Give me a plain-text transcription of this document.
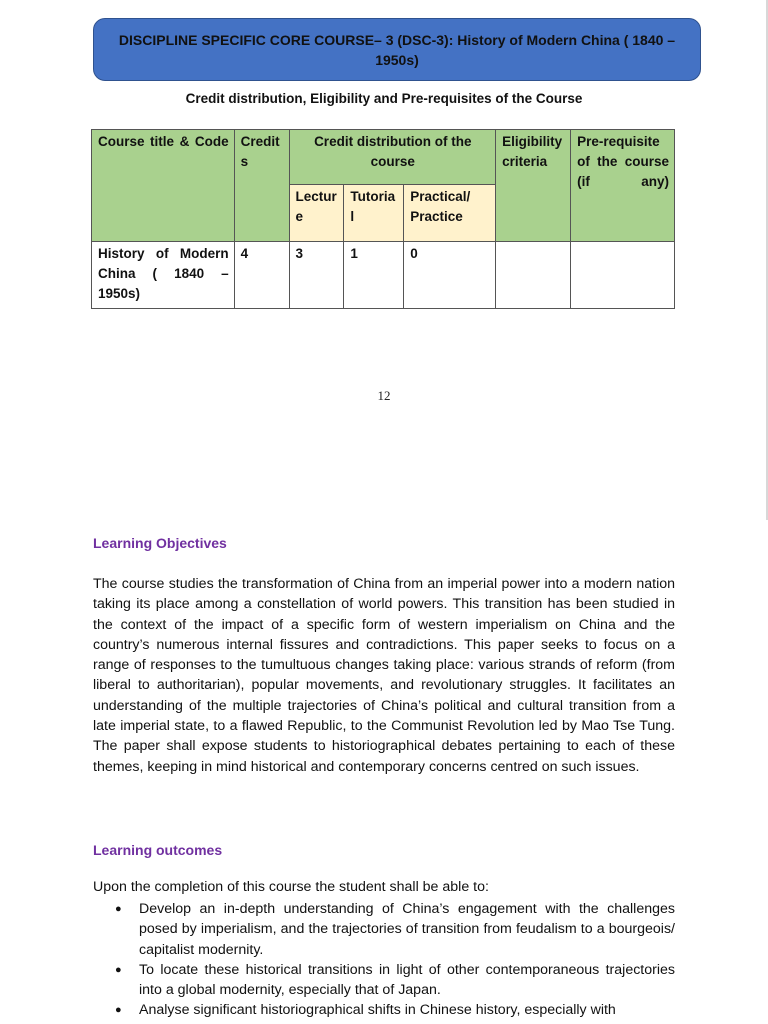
DISCIPLINE SPECIFIC CORE COURSE– 3 (DSC-3): History of Modern China ( 1840 – 1950s)
Credit distribution, Eligibility and Pre-requisites of the Course
Course title & Code	Credits	Credit distribution of the course			Eligibility criteria	Pre-requisite of the course (if any)

		Lecture	Tutorial	Practical/ Practice		
History of Modern China ( 1840 – 1950s)	4	3	1	0		
12
Learning Objectives
The course studies the transformation of China from an imperial power into a modern nation taking its place among a constellation of world powers. This transition has been studied in the context of the impact of a specific form of western imperialism on China and the country’s numerous internal fissures and contradictions. This paper seeks to focus on a range of responses to the tumultuous changes taking place: various strands of reform (from liberal to authoritarian), popular movements, and revolutionary struggles. It facilitates an understanding of the multiple trajectories of China’s political and cultural transition from a late imperial state, to a flawed Republic, to the Communist Revolution led by Mao Tse Tung. The paper shall expose students to historiographical debates pertaining to each of these themes, keeping in mind historical and contemporary concerns centred on such issues.
Learning outcomes
Upon the completion of this course the student shall be able to:
● Develop an in-depth understanding of China’s engagement with the challenges posed by imperialism, and the trajectories of transition from feudalism to a bourgeois/ capitalist modernity.
● To locate these historical transitions in light of other contemporaneous trajectories into a global modernity, especially that of Japan.
● Analyse significant historiographical shifts in Chinese history, especially with
